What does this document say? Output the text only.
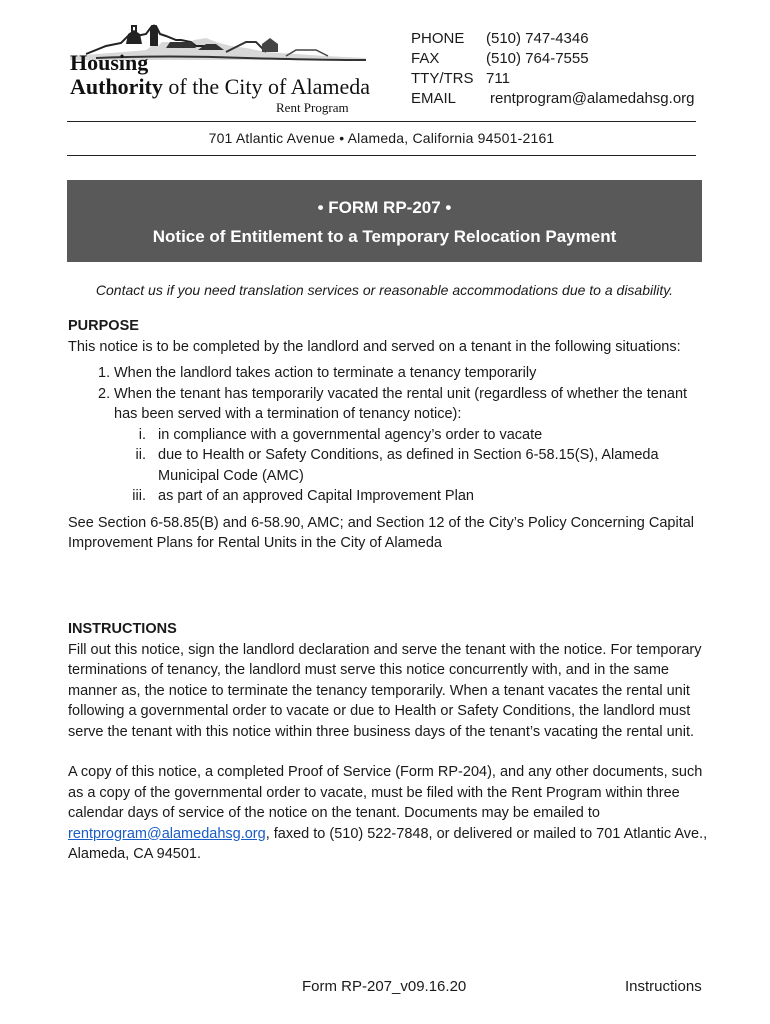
Housing
Authority of the City of Alameda
Rent Program
PHONE	(510) 747-4346
FAX	(510) 764-7555
TTY/TRS 711
EMAIL	rentprogram@alamedahsg.org
701 Atlantic Avenue • Alameda, California 94501-2161
• FORM RP-207 •
Notice of Entitlement to a Temporary Relocation Payment
Contact us if you need translation services or reasonable accommodations due to a disability.
PURPOSE
This notice is to be completed by the landlord and served on a tenant in the following situations:
1. When the landlord takes action to terminate a tenancy temporarily
2. When the tenant has temporarily vacated the rental unit (regardless of whether the tenant has been served with a termination of tenancy notice):
i. in compliance with a governmental agency’s order to vacate
ii. due to Health or Safety Conditions, as defined in Section 6-58.15(S), Alameda Municipal Code (AMC)
iii. as part of an approved Capital Improvement Plan
See Section 6-58.85(B) and 6-58.90, AMC; and Section 12 of the City’s Policy Concerning Capital Improvement Plans for Rental Units in the City of Alameda
INSTRUCTIONS
Fill out this notice, sign the landlord declaration and serve the tenant with the notice. For temporary terminations of tenancy, the landlord must serve this notice concurrently with, and in the same manner as, the notice to terminate the tenancy temporarily. When a tenant vacates the rental unit following a governmental order to vacate or due to Health or Safety Conditions, the landlord must serve the tenant with this notice within three business days of the tenant’s vacating the rental unit.
A copy of this notice, a completed Proof of Service (Form RP-204), and any other documents, such as a copy of the governmental order to vacate, must be filed with the Rent Program within three calendar days of service of the notice on the tenant. Documents may be emailed to rentprogram@alamedahsg.org, faxed to (510) 522-7848, or delivered or mailed to 701 Atlantic Ave., Alameda, CA 94501.
Form RP-207_v09.16.20	Instructions
